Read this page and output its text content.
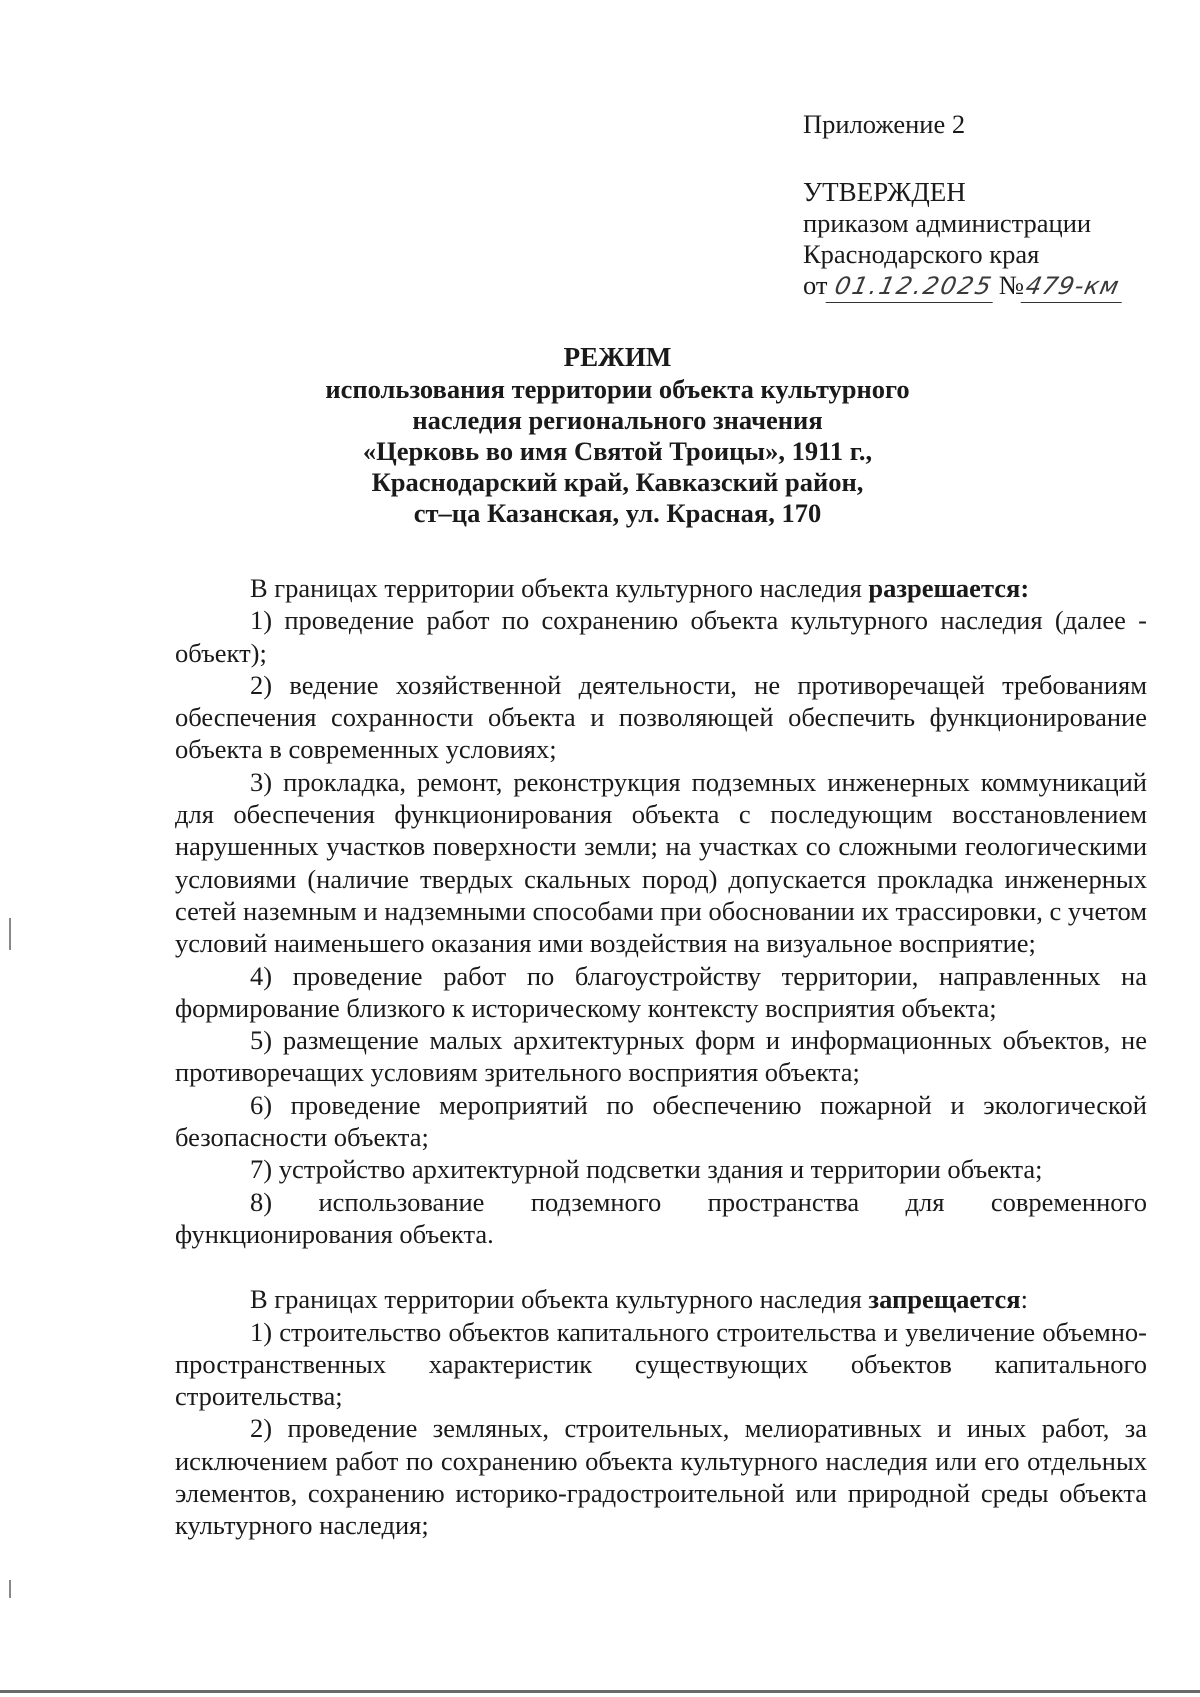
Приложение 2
УТВЕРЖДЕН
приказом администрации
Краснодарского края
от 01.12.2025 №479-км
РЕЖИМ
использования территории объекта культурного
наследия регионального значения
«Церковь во имя Святой Троицы», 1911 г.,
Краснодарский край, Кавказский район,
ст–ца Казанская, ул. Красная, 170

В границах территории объекта культурного наследия разрешается:

1) проведение работ по сохранению объекта культурного наследия (далее - объект);

2) ведение хозяйственной деятельности, не противоречащей требованиям обеспечения сохранности объекта и позволяющей обеспечить функционирование объекта в современных условиях;

3) прокладка, ремонт, реконструкция подземных инженерных коммуникаций для обеспечения функционирования объекта с последующим восстановлением нарушенных участков поверхности земли; на участках со сложными геологическими условиями (наличие твердых скальных пород) допускается прокладка инженерных сетей наземным и надземными способами при обосновании их трассировки, с учетом условий наименьшего оказания ими воздействия на визуальное восприятие;

4) проведение работ по благоустройству территории, направленных на формирование близкого к историческому контексту восприятия объекта;

5) размещение малых архитектурных форм и информационных объектов, не противоречащих условиям зрительного восприятия объекта;

6) проведение мероприятий по обеспечению пожарной и экологической безопасности объекта;

7) устройство архитектурной подсветки здания и территории объекта;

8) использование подземного пространства для современного функционирования объекта.

В границах территории объекта культурного наследия запрещается:

1) строительство объектов капитального строительства и увеличение объемно-пространственных характеристик существующих объектов капитального строительства;

2) проведение земляных, строительных, мелиоративных и иных работ, за исключением работ по сохранению объекта культурного наследия или его отдельных элементов, сохранению историко-градостроительной или природной среды объекта культурного наследия;
